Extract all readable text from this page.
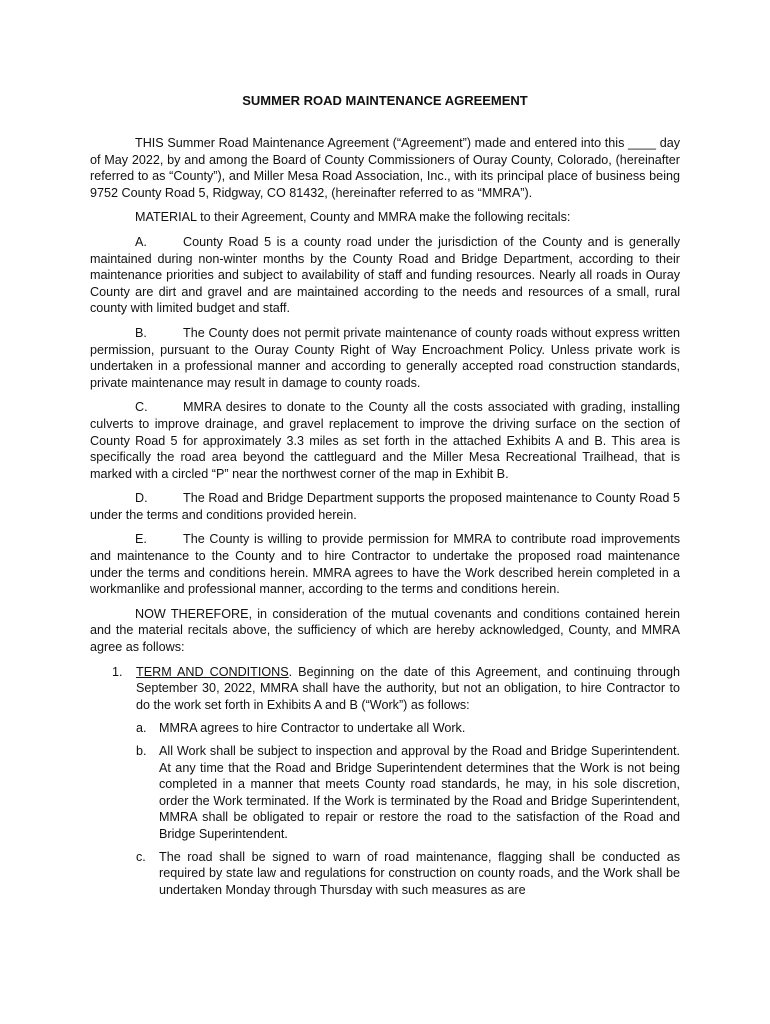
SUMMER ROAD MAINTENANCE AGREEMENT

THIS Summer Road Maintenance Agreement (“Agreement”) made and entered into this ____ day of May 2022, by and among the Board of County Commissioners of Ouray County, Colorado, (hereinafter referred to as “County”), and Miller Mesa Road Association, Inc., with its principal place of business being 9752 County Road 5, Ridgway, CO 81432, (hereinafter referred to as “MMRA”).

MATERIAL to their Agreement, County and MMRA make the following recitals:

A.	County Road 5 is a county road under the jurisdiction of the County and is generally maintained during non-winter months by the County Road and Bridge Department, according to their maintenance priorities and subject to availability of staff and funding resources. Nearly all roads in Ouray County are dirt and gravel and are maintained according to the needs and resources of a small, rural county with limited budget and staff.

B.	The County does not permit private maintenance of county roads without express written permission, pursuant to the Ouray County Right of Way Encroachment Policy. Unless private work is undertaken in a professional manner and according to generally accepted road construction standards, private maintenance may result in damage to county roads.

C.	MMRA desires to donate to the County all the costs associated with grading, installing culverts to improve drainage, and gravel replacement to improve the driving surface on the section of County Road 5 for approximately 3.3 miles as set forth in the attached Exhibits A and B. This area is specifically the road area beyond the cattleguard and the Miller Mesa Recreational Trailhead, that is marked with a circled “P” near the northwest corner of the map in Exhibit B.

D.	The Road and Bridge Department supports the proposed maintenance to County Road 5 under the terms and conditions provided herein.

E.	The County is willing to provide permission for MMRA to contribute road improvements and maintenance to the County and to hire Contractor to undertake the proposed road maintenance under the terms and conditions herein. MMRA agrees to have the Work described herein completed in a workmanlike and professional manner, according to the terms and conditions herein.

NOW THEREFORE, in consideration of the mutual covenants and conditions contained herein and the material recitals above, the sufficiency of which are hereby acknowledged, County, and MMRA agree as follows:

1. TERM AND CONDITIONS. Beginning on the date of this Agreement, and continuing through September 30, 2022, MMRA shall have the authority, but not an obligation, to hire Contractor to do the work set forth in Exhibits A and B (“Work”) as follows:
a. MMRA agrees to hire Contractor to undertake all Work.
b. All Work shall be subject to inspection and approval by the Road and Bridge Superintendent. At any time that the Road and Bridge Superintendent determines that the Work is not being completed in a manner that meets County road standards, he may, in his sole discretion, order the Work terminated. If the Work is terminated by the Road and Bridge Superintendent, MMRA shall be obligated to repair or restore the road to the satisfaction of the Road and Bridge Superintendent.
c. The road shall be signed to warn of road maintenance, flagging shall be conducted as required by state law and regulations for construction on county roads, and the Work shall be undertaken Monday through Thursday with such measures as are
